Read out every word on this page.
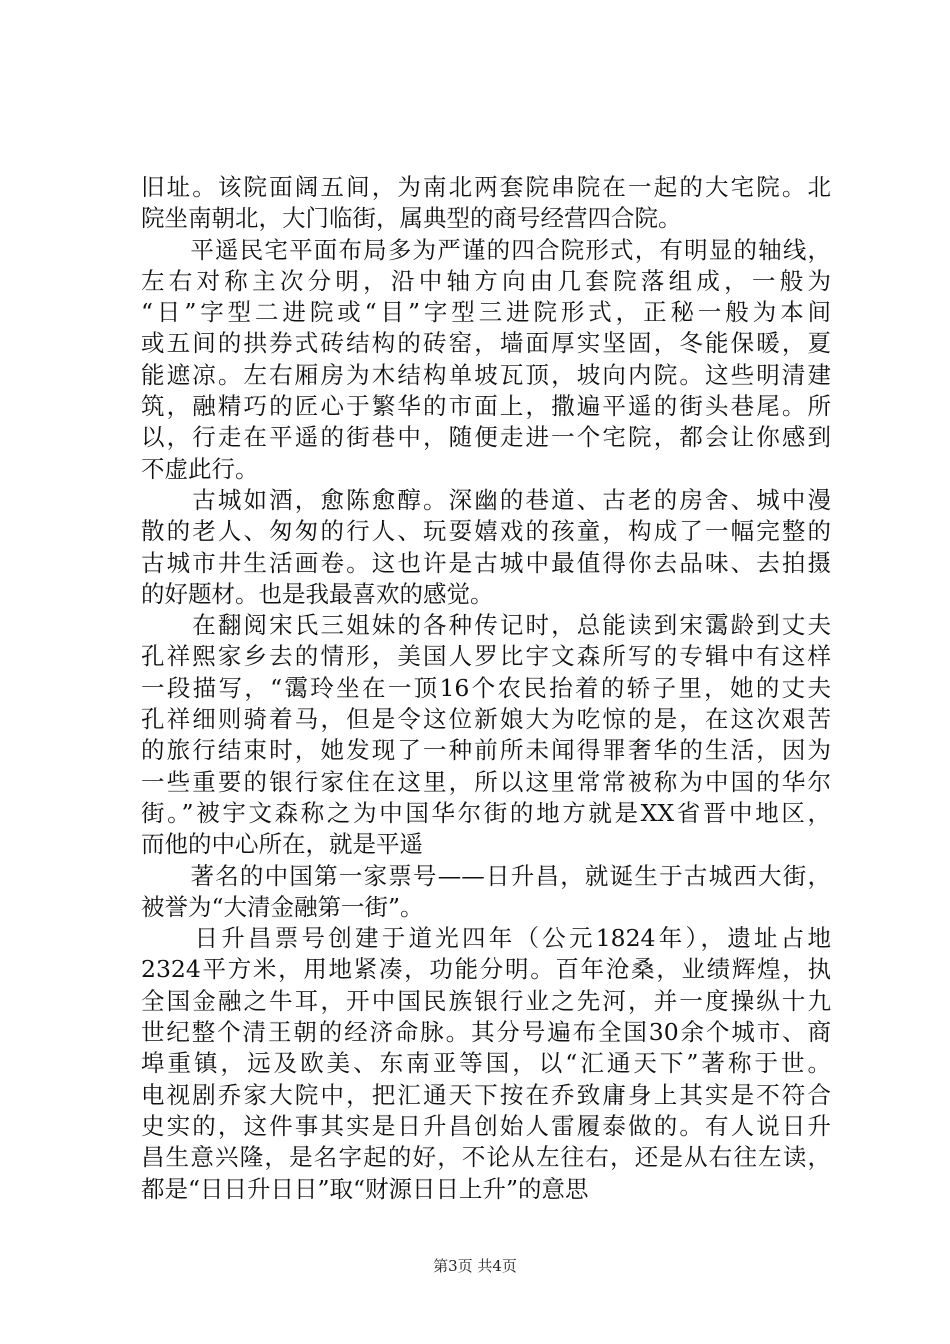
旧址。该院面阔五间，为南北两套院串院在一起的大宅院。北
院坐南朝北，大门临街，属典型的商号经营四合院。
　　平遥民宅平面布局多为严谨的四合院形式，有明显的轴线，
左右对称主次分明，沿中轴方向由几套院落组成，一般为
“日”字型二进院或“目”字型三进院形式，正秘一般为本间
或五间的拱券式砖结构的砖窑，墙面厚实坚固，冬能保暖，夏
能遮凉。左右厢房为木结构单坡瓦顶，坡向内院。这些明清建
筑，融精巧的匠心于繁华的市面上，撒遍平遥的街头巷尾。所
以，行走在平遥的街巷中，随便走进一个宅院，都会让你感到
不虚此行。
　　古城如酒，愈陈愈醇。深幽的巷道、古老的房舍、城中漫
散的老人、匆匆的行人、玩耍嬉戏的孩童，构成了一幅完整的
古城市井生活画卷。这也许是古城中最值得你去品味、去拍摄
的好题材。也是我最喜欢的感觉。
　　在翻阅宋氏三姐妹的各种传记时，总能读到宋霭龄到丈夫
孔祥熙家乡去的情形，美国人罗比宇文森所写的专辑中有这样
一段描写，“霭玲坐在一顶16个农民抬着的轿子里，她的丈夫
孔祥细则骑着马，但是令这位新娘大为吃惊的是，在这次艰苦
的旅行结束时，她发现了一种前所未闻得罪奢华的生活，因为
一些重要的银行家住在这里，所以这里常常被称为中国的华尔
街。”被宇文森称之为中国华尔街的地方就是XX省晋中地区，
而他的中心所在，就是平遥
　　著名的中国第一家票号——日升昌，就诞生于古城西大街，
被誉为“大清金融第一街”。
　　日升昌票号创建于道光四年（公元1824年），遗址占地
2324平方米，用地紧凑，功能分明。百年沧桑，业绩辉煌，执
全国金融之牛耳，开中国民族银行业之先河，并一度操纵十九
世纪整个清王朝的经济命脉。其分号遍布全国30余个城市、商
埠重镇，远及欧美、东南亚等国，以“汇通天下”著称于世。
电视剧乔家大院中，把汇通天下按在乔致庸身上其实是不符合
史实的，这件事其实是日升昌创始人雷履泰做的。有人说日升
昌生意兴隆，是名字起的好，不论从左往右，还是从右往左读，
都是“日日升日日”取“财源日日上升”的意思
第3页 共4页
